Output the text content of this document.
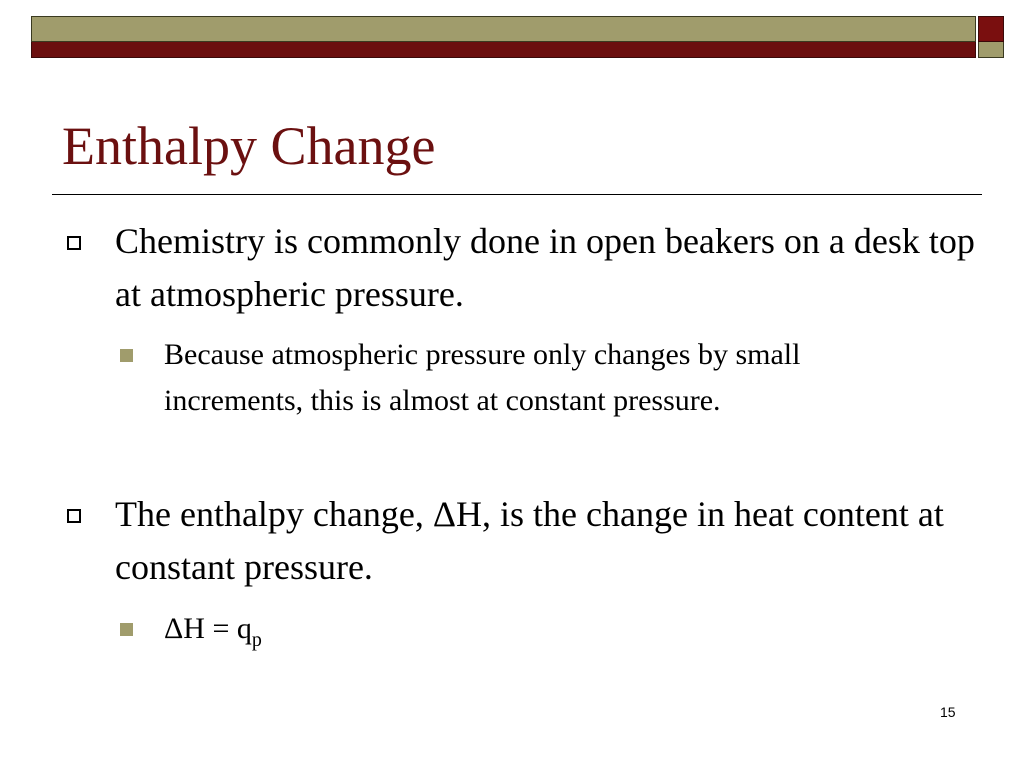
Enthalpy Change
Chemistry is commonly done in open beakers on a desk top at atmospheric pressure.
Because atmospheric pressure only changes by small increments, this is almost at constant pressure.
The enthalpy change, ΔH, is the change in heat content at constant pressure.
$\Delta H = q_p$
15
